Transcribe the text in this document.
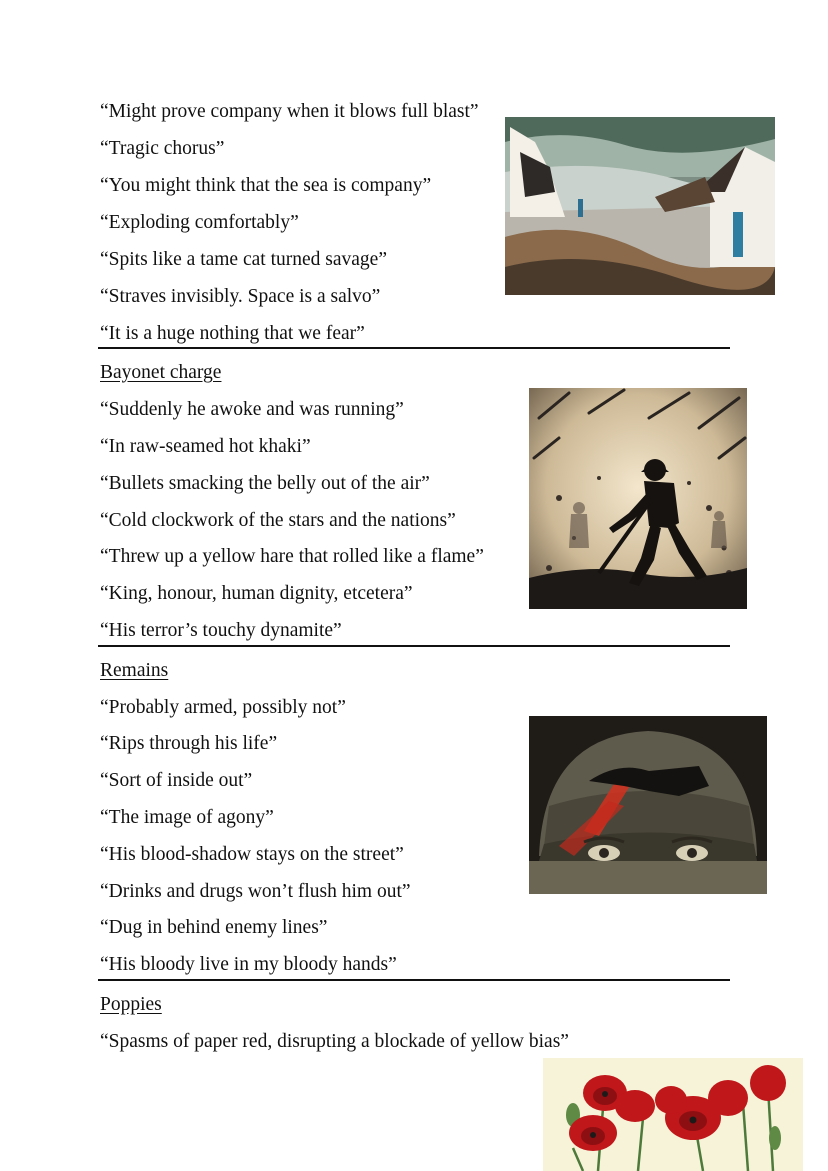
“Might prove company when it blows full blast”
“Tragic chorus”
“You might think that the sea is company”
“Exploding comfortably”
“Spits like a tame cat turned savage”
“Straves invisibly. Space is a salvo”
“It is a huge nothing that we fear”
Bayonet charge
“Suddenly he awoke and was running”
“In raw-seamed hot khaki”
“Bullets smacking the belly out of the air”
“Cold clockwork of the stars and the nations”
“Threw up a yellow hare that rolled like a flame”
“King, honour, human dignity, etcetera”
“His terror’s touchy dynamite”
Remains
“Probably armed, possibly not”
“Rips through his life”
“Sort of inside out”
“The image of agony”
“His blood-shadow stays on the street”
“Drinks and drugs won’t flush him out”
“Dug in behind enemy lines”
“His bloody live in my bloody hands”
Poppies
“Spasms of paper red, disrupting a blockade of yellow bias”
